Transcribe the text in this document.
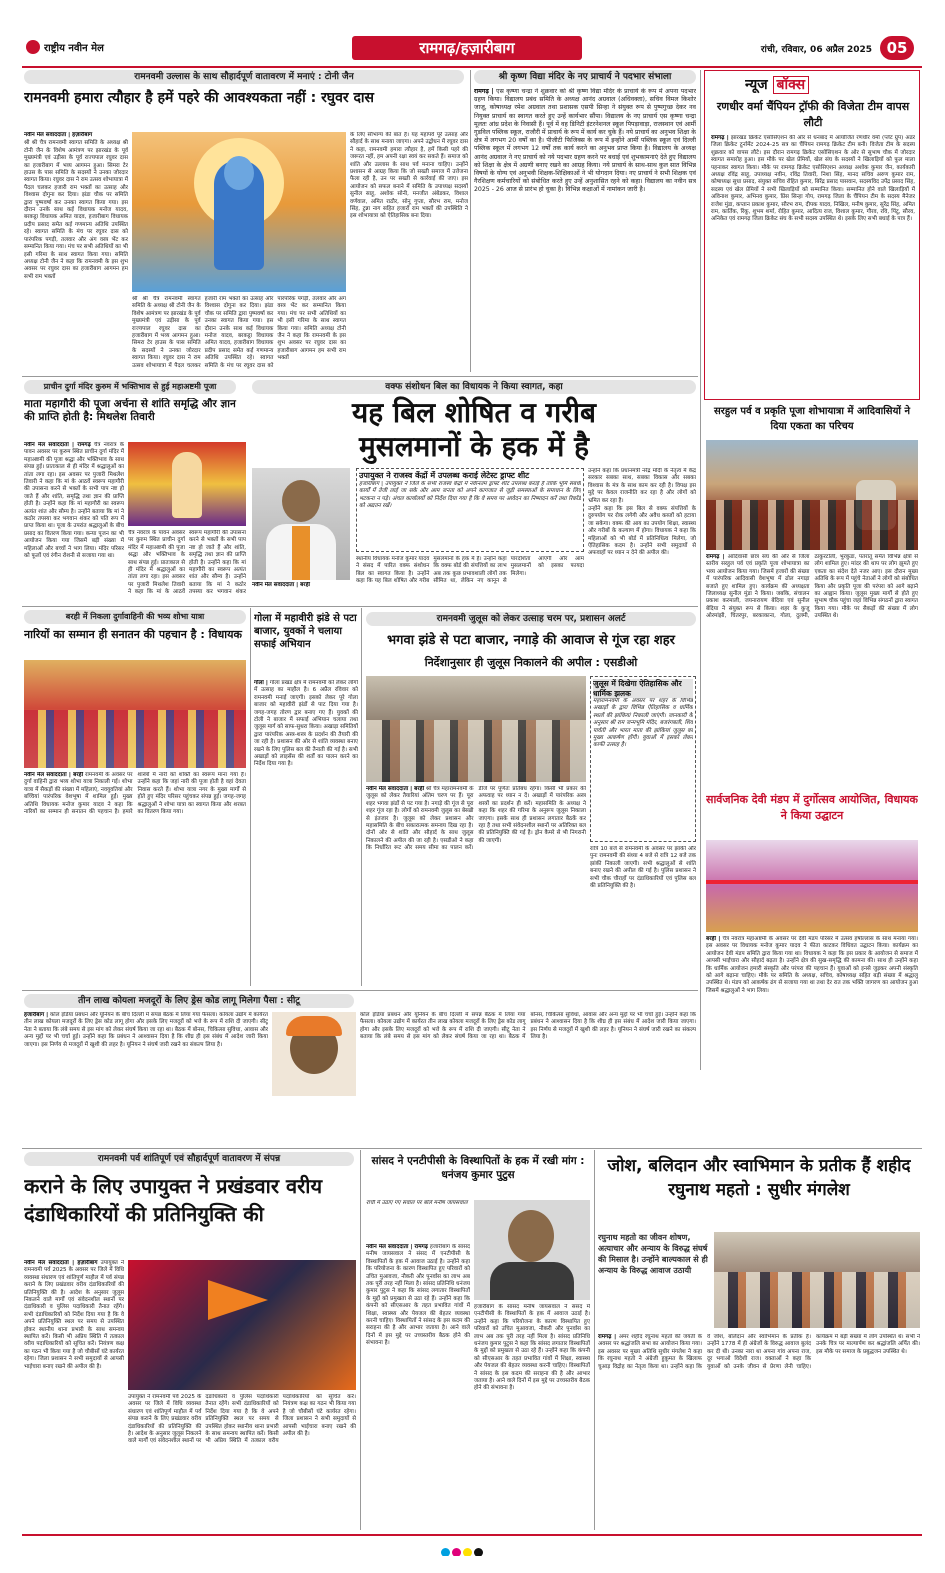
राष्ट्रीय नवीन मेल	रामगढ़/हज़ारीबाग	रांची, रविवार, 06 अप्रैल 2025 05
रामनवमी उल्लास के साथ सौहार्दपूर्ण वातावरण में मनाएं : टोनी जैन
रामनवमी हमारा त्यौहार है हमें पहरे की आवश्यकता नहीं : रघुवर दास

नवीन मेल संवाददाता | हज़ारीबाग

श्री श्री चैत्र रामनवमी स्वागत समिति के अध्यक्ष श्री टोनी जैन के विशेष आमंत्रण पर झारखंड के पूर्व मुख्यमंत्री एवं उड़ीसा के पूर्व राज्यपाल रघुवर दास का हजारीबाग में भव्य आगमन हुआ। सिमरा टेर हाउस के पास समिति के सदस्यों ने उनका जोरदार स्वागत किया। रघुवर दास ने राम उत्सव शोभायात्रा में पैदल चलकर हजारी राम भक्तों का उत्साह और विश्वास दोगुना कर दिया। झंडा चौक पर समिति द्वारा पुष्पवर्षा कर उनका स्वागत किया गया। इस दौरान उनके साथ कई विधायक मनोज यादव, बरकट्ठा विधायक अमित यादव, हजारीबाग विधायक प्रदीप प्रसाद समेत कई गणमान्य अतिथि उपस्थित रहे। स्वागत समिति के मंच पर रघुवर दास को पारंपरिक पगड़ी, तलवार और अंग वस्त्र भेंट कर सम्मानित किया गया। मंच पर सभी अतिथियों का भी इसी गरिमा के साथ स्वागत किया गया। समिति अध्यक्ष टोनी जैन ने कहा कि रामनवमी के इस शुभ अवसर पर रघुवर दास का हजारीबाग आगमन हम सभी राम भक्तों

श्री श्री चैत्र रामनवमी स्वागत समिति के अध्यक्ष श्री टोनी जैन के विशेष आमंत्रण पर झारखंड के पूर्व मुख्यमंत्री एवं उड़ीसा के पूर्व राज्यपाल रघुवर दास का हजारीबाग में भव्य आगमन हुआ। सिमरा टेर हाउस के पास समिति के सदस्यों ने उनका जोरदार स्वागत किया। रघुवर दास ने राम उत्सव शोभायात्रा में पैदल चलकर हजारी राम भक्तों का उत्साह और विश्वास दोगुना कर दिया। झंडा चौक पर समिति द्वारा पुष्पवर्षा कर उनका स्वागत किया गया। इस दौरान उनके साथ कई विधायक मनोज यादव, बरकट्ठा विधायक अमित यादव, हजारीबाग विधायक प्रदीप प्रसाद समेत कई गणमान्य अतिथि उपस्थित रहे। स्वागत समिति के मंच पर रघुवर दास को पारंपरिक पगड़ी, तलवार और अंग वस्त्र भेंट कर सम्मानित किया गया। मंच पर सभी अतिथियों का भी इसी गरिमा के साथ स्वागत किया गया। समिति अध्यक्ष टोनी जैन ने कहा कि रामनवमी के इस शुभ अवसर पर रघुवर दास का हजारीबाग आगमन हम सभी राम भक्तों
के लिए सौभाग्य की बात है। यह महापर्व पूरे उत्साह और सौहार्द के साथ मनाया जाएगा। अपने उद्बोधन में रघुवर दास ने कहा, रामनवमी हमारा त्यौहार है, हमें किसी पहरे की जरूरत नहीं, हम अपनी रक्षा स्वयं कर सकते हैं। समाज को शांति और उल्लास के साथ पर्व मनाना चाहिए। उन्होंने प्रशासन से आग्रह किया कि जो सख्ती समाज में उत्तेजना फैला रही है, उन पर सख्ती से कार्रवाई की जाए। इस आयोजन को सफल बनाने में समिति के उपाध्यक्ष सदस्यों सुनील साहू, अशोक सोनी, मनजीत अंबेडकर, विशाल वर्णवाल, अमित राठौर, सोनू गुप्ता, सौरभ राम, मनोज सिंह, टुन्ना नाग सहित हजारों राम भक्तों की उपस्थिति ने इस शोभायात्रा को ऐतिहासिक बना दिया।
श्री कृष्ण विद्या मंदिर के नए प्राचार्य ने पदभार संभाला
रामगढ़ | एस कृष्णा चन्द्रा ने शुक्रवार को श्री कृष्ण विद्या मंदिर के प्राचार्य के रूप में अपना पदभार ग्रहण किया। विद्यालय प्रबंध समिति के अध्यक्ष आनंद अग्रवाल (अधिवक्ता), सचिव विमल किशोर जाजू, कोषाध्यक्ष रमेश अग्रवाल तथा प्रशासक एसपी सिन्हा ने संयुक्त रूप से पुष्पगुच्छ देकर नव नियुक्त प्राचार्य का स्वागत करते हुए उन्हें कार्यभार सौंपा। विद्यालय के नए प्राचार्य एस कृष्णा चन्द्रा मूलतः आंध्र प्रदेश के निवासी हैं। पूर्व में वह डिनिटी इंटरनेशनल स्कूल पिपड़ावाड़ा, राजस्थान एवं आर्मी गुडविल पब्लिक स्कूल, राजौरी में प्राचार्य के रूप में कार्य कर चुके हैं। नये प्राचार्य का अनुभव शिक्षा के क्षेत्र में लगभग 20 वर्षों का है। पीजीटी फिजिक्स के रूप में इन्होंने आर्मी पब्लिक स्कूल एवं दिल्ली पब्लिक स्कूल में लगभग 12 वर्षों तक कार्य करने का अनुभव प्राप्त किया है। विद्यालय के अध्यक्ष आनंद अग्रवाल ने नए प्राचार्य को नये पदभार ग्रहण करने पर बधाई एवं शुभकामनाएं देते हुए विद्यालय को शिक्षा के क्षेत्र में अग्रणी बनाए रखने का आग्रह किया। नये प्राचार्य के साथ-साथ कुल सात विभिन्न विषयों के योग्य एवं अनुभवी शिक्षक-शिक्षिकाओं ने भी योगदान दिया। नए प्राचार्य ने सभी शिक्षक एवं गैरशिक्षण कर्मचारियों को संबोधित करते हुए उन्हें अनुशासित रहने को कहा। विद्यालय का नवीन सत्र 2025 - 26 आज से प्रारंभ हो चुका है। विभिन्न कक्षाओं में नामांकन जारी है।
न्यूज बॉक्स
रणधीर वर्मा चैंपियन ट्रॉफी की विजेता टीम वापस लौटी
रामगढ़ | झारखंड क्रिकेट एसोसिएशन की ओर से धनबाद में आयोजित रणधीर वर्मा (प्लेट ग्रुप) अंडर जिला क्रिकेट टूर्नामेंट 2024-25 सत्र का चैंपियन रामगढ़ क्रिकेट टीम बनी। विजेता टीम के सदस्य शुक्रवार को वापस लौटे। इस दौरान रामगढ़ क्रिकेट एसोसिएशन के ओर से सुभाष चौक में जोरदार स्वागत समारोह हुआ। इस मौके पर खेल प्रेमियों, खेल संघ के सदस्यों ने खिलाड़ियों को फूल माला पहनाकर स्वागत किया। मौके पर रामगढ़ क्रिकेट एसोसिएशन अध्यक्ष अशोक कुमार जैन, कार्यकारी अध्यक्ष रविंद्र साहू, उपाध्यक्ष नवीन, रविंद्र तिवारी, निशा सिंह, मानद सचिव अरुण कुमार राम, कोषाध्यक्ष सुधा प्रसाद, संयुक्त सचिव रोहित कुमार, बिरेंद्र प्रसाद पासवान, सदस्यविद उपेंद्र प्रसाद सिंह, सदस्य एवं खेल प्रेमियों ने सभी खिलाड़ियों को सम्मानित किया। सम्मानित होने वाले खिलाड़ियों में अविनाश कुमार, अभिनव कुमार, प्रिंस सिन्हा गोप, रामगढ़ जिला के चैंपियन टीम के सदस्य मैनेजर राजेश मुंडा, कप्तान प्रकाश कुमार, सौरभ राम, दीपक यादव, निखिल, मनीष कुमार, सुरेंद्र सिंह, अमित राम, कार्तिक, रिंकू, शुभम शर्मा, रोहित कुमार, आदित्य राज, विशाल कुमार, गौरव, रवि, पिंटू, सौरव, अनिकेत एवं रामगढ़ जिला क्रिकेट संघ के सभी सदस्य उपस्थित थे। इसके लिए सभी बधाई के पात्र हैं।
सरहुल पर्व व प्रकृति पूजा शोभायात्रा में आदिवासियों ने दिया एकता का परिचय
रामगढ़ | आदिवासी छात्र संघ की ओर से जिला स्तरीय सरहुल पर्व एवं प्रकृति पूजा शोभायात्रा का भव्य आयोजन किया गया। जिसमें हजारों की संख्या में पारंपरिक आदिवासी वेशभूषा में ढोल नगाड़ा बजाते हुए शामिल हुए। कार्यक्रम की अध्यक्षता जिलाध्यक्ष सुनील मुंडा ने किया। जबकि, संचालन प्रकाश करमाली, जयनारायण बेदिया एवं सुनील बेदिया ने संयुक्त रूप से किया। शहर के कुजू ओरमांझी, चितरपुर, बरकाकाना, गोला, दुलमी, ठाकुरटोली, भुरकुंडा, पतरातू समेत विभिन्न क्षेत्रों से लोग शामिल हुए। मांदर की थाप पर लोग झूमते हुए एकता का संदेश देते नजर आए। इस दौरान मुख्य अतिथि के रूप में पहुंचे नेताओं ने लोगों को संबोधित किया और प्रकृति पूजा की परंपरा को आगे बढ़ाने का आह्वान किया। जुलूस मुख्य मार्गों से होते हुए सुभाष चौक पहुंचा जहां विभिन्न संगठनों द्वारा स्वागत किया गया। मौके पर सैकड़ों की संख्या में लोग उपस्थित थे।
सार्वजनिक देवी मंडप में दुर्गोत्सव आयोजित, विधायक ने किया उद्घाटन
बरही | चैत्र नवरात्र महाअष्टमी के अवसर पर देवी मंडप परिसर में उत्सव हर्षोल्लास के साथ मनाया गया। इस अवसर पर विधायक मनोज कुमार यादव ने फीता काटकर विधिवत उद्घाटन किया। कार्यक्रम का आयोजन देवी मंडप समिति द्वारा किया गया था। विधायक ने कहा कि इस प्रकार के आयोजन से समाज में आपसी भाईचारा और सौहार्द बढ़ता है। उन्होंने क्षेत्र की सुख-समृद्धि की कामना की। साथ ही उन्होंने कहा कि धार्मिक आयोजन हमारी संस्कृति और परंपरा की पहचान हैं। युवाओं को इनसे जुड़कर अपनी संस्कृति को आगे बढ़ाना चाहिए। मौके पर समिति के अध्यक्ष, सचिव, कोषाध्यक्ष सहित बड़ी संख्या में श्रद्धालु उपस्थित थे। मंडप को आकर्षक ढंग से सजाया गया था तथा देर रात तक भक्ति जागरण का आयोजन हुआ जिसमें श्रद्धालुओं ने भाग लिया।
प्राचीन दुर्गा मंदिर कुरुम में भक्तिभाव से हुई महाअष्टमी पूजा
माता महागौरी की पूजा अर्चना से शांति समृद्धि और ज्ञान की प्राप्ति होती है: मिथलेश तिवारी
नवीन मेल संवाददाता | रामगढ़ चैत्र नवरात्र के पावन अवसर पर कुरुम स्थित प्राचीन दुर्गा मंदिर में महाअष्टमी की पूजा श्रद्धा और भक्तिभाव के साथ संपन्न हुई। प्रातःकाल से ही मंदिर में श्रद्धालुओं का तांता लगा रहा। इस अवसर पर पुजारी मिथलेश तिवारी ने कहा कि मां के आठवें स्वरूप महागौरी की उपासना करने से भक्तों के सभी पाप नष्ट हो जाते हैं और शांति, समृद्धि तथा ज्ञान की प्राप्ति होती है। उन्होंने कहा कि मां महागौरी का स्वरूप अत्यंत शांत और सौम्य है। उन्होंने बताया कि मां ने कठोर तपस्या कर भगवान शंकर को पति रूप में प्राप्त किया था। पूजा के उपरांत श्रद्धालुओं के बीच प्रसाद का वितरण किया गया। कन्या पूजन का भी आयोजन किया गया जिसमें बड़ी संख्या में महिलाओं और बच्चों ने भाग लिया। मंदिर परिसर को फूलों एवं रंगीन रोशनी से सजाया गया था।
चैत्र नवरात्र के पावन अवसर पर कुरुम स्थित प्राचीन दुर्गा मंदिर में महाअष्टमी की पूजा श्रद्धा और भक्तिभाव के साथ संपन्न हुई। प्रातःकाल से ही मंदिर में श्रद्धालुओं का तांता लगा रहा। इस अवसर पर पुजारी मिथलेश तिवारी ने कहा कि मां के आठवें स्वरूप महागौरी की उपासना करने से भक्तों के सभी पाप नष्ट हो जाते हैं और शांति, समृद्धि तथा ज्ञान की प्राप्ति होती है। उन्होंने कहा कि मां महागौरी का स्वरूप अत्यंत शांत और सौम्य है। उन्होंने बताया कि मां ने कठोर तपस्या कर भगवान शंकर
वक्फ संशोधन बिल का विधायक ने किया स्वागत, कहा
यह बिल शोषित व गरीब
मुसलमानों के हक में है
नवीन मेल संवाददाता | बरही
उपायुक्त ने राजस्व केंद्रों में उपलब्ध कराई लेटेस्ट ड्राफ्ट शीट
हजारीबाग | उपायुक्त ने जिले के सभी राजस्व केंद्रों में नवीनतम ड्राफ्ट शीट उपलब्ध कराई है ताकि भूमि संबंधी कार्यों में तेजी लाई जा सके और आम जनता को अपने कागजात से जुड़ी समस्याओं के समाधान के लिए भटकना न पड़े। अंचल कार्यालयों को निर्देश दिया गया है कि वे समय पर आवेदन का निष्पादन करें तथा रिकॉर्ड को अद्यतन रखें।
स्थानीय विधायक मनोज कुमार यादव ने संसद में पारित वक्फ संशोधन बिल का स्वागत किया है। उन्होंने कहा कि यह बिल शोषित और गरीब मुसलमानों के हक में है। उन्होंने कहा कि वक्फ बोर्ड की संपत्तियों का लाभ अब तक कुछ प्रभावशाली लोगों तक सीमित था, लेकिन नए कानून से पारदर्शिता आएगी और आम मुसलमानों को इसका फायदा मिलेगा।

उन्होंने कहा कि प्रधानमंत्री नरेंद्र मोदी के नेतृत्व में केंद्र सरकार सबका साथ, सबका विकास और सबका विश्वास के मंत्र के साथ काम कर रही है। विपक्ष इस मुद्दे पर केवल राजनीति कर रहा है और लोगों को भ्रमित कर रहा है।

उन्होंने कहा कि इस बिल से वक्फ संपत्तियों के दुरुपयोग पर रोक लगेगी और अवैध कब्जों को हटाया जा सकेगा। वक्फ की आय का उपयोग शिक्षा, स्वास्थ्य और गरीबों के कल्याण में होगा। विधायक ने कहा कि महिलाओं को भी बोर्ड में प्रतिनिधित्व मिलेगा, जो ऐतिहासिक कदम है। उन्होंने सभी समुदायों से अफवाहों पर ध्यान न देने की अपील की।

बरही में निकला दुर्गावाहिनी की भव्य शोभा यात्रा
नारियों का सम्मान ही सनातन की पहचान है : विधायक
नवीन मेल संवाददाता | बरही रामनवमी के अवसर पर दुर्गा वाहिनी द्वारा भव्य शोभा यात्रा निकाली गई। शोभा यात्रा में सैकड़ों की संख्या में महिलाएं, नवयुवतियां और बच्चियां पारंपरिक वेशभूषा में शामिल हुईं। मुख्य अतिथि विधायक मनोज कुमार यादव ने कहा कि नारियों का सम्मान ही सनातन की पहचान है। हमारे शास्त्रों में नारी को शक्ति का स्वरूप माना गया है। उन्होंने कहा कि जहां नारी की पूजा होती है वहां देवता निवास करते हैं। शोभा यात्रा नगर के मुख्य मार्गों से होते हुए मंदिर परिसर पहुंचकर संपन्न हुई। जगह-जगह श्रद्धालुओं ने शोभा यात्रा का स्वागत किया और शरबत का वितरण किया गया।
गोला में महावीरी झंडे से पटा बाजार, युवकों ने चलाया सफाई अभियान
गोला | गोला प्रखंड क्षेत्र में रामनवमी को लेकर लोगों में उत्साह का माहौल है। 6 अप्रैल रविवार को रामनवमी मनाई जाएगी। इसको लेकर पूरे गोला बाजार को महावीरी झंडों से पाट दिया गया है। जगह-जगह तोरण द्वार बनाए गए हैं। युवकों की टोली ने बाजार में सफाई अभियान चलाया तथा जुलूस मार्ग को साफ-सुथरा किया। अखाड़ा समितियों द्वारा पारंपरिक अस्त्र-शस्त्र के प्रदर्शन की तैयारी की जा रही है। प्रशासन की ओर से शांति व्यवस्था बनाए रखने के लिए पुलिस बल की तैनाती की गई है। सभी अखाड़ों को लाइसेंस की शर्तों का पालन करने का निर्देश दिया गया है।
रामनवमी जुलूस को लेकर उत्साह चरम पर, प्रशासन अलर्ट
भगवा झंडे से पटा बाजार, नगाड़े की आवाज से गूंज रहा शहर
निर्देशानुसार ही जुलूस निकालने की अपील : एसडीओ
नवीन मेल संवाददाता | बरही श्री चैत्र महारामनवमी के जुलूस को लेकर तैयारियां अंतिम चरण पर हैं। पूरा शहर भगवा झंडों से पट गया है। नगाड़े की गूंज से पूरा शहर गूंज रहा है। लोगों को रामनवमी जुलूस का बेसब्री से इंतजार है। जुलूस को लेकर प्रशासन और महासमिति के बीच सकारात्मक समन्वय दिख रहा है। दोनों ओर से शांति और सौहार्द के साथ जुलूस निकालने की अपील की जा रही है। एसडीओ ने कहा कि निर्धारित रूट और समय सीमा का पालन करें। डीजे पर पूर्णतः प्रतिबंध रहेगा। किसी भी प्रकार की अफवाह पर ध्यान न दें। अखाड़ों में पारंपरिक अस्त्र शस्त्रों का प्रदर्शन ही करें। महासमिति के अध्यक्ष ने कहा कि शहर की गरिमा के अनुरूप जुलूस निकाला जाएगा। इसके साथ ही प्रशासन लगातार बैठकें कर रहा है तथा सभी संवेदनशील स्थानों पर अतिरिक्त बल की प्रतिनियुक्ति की गई है। ड्रोन कैमरे से भी निगरानी की जाएगी।
जुलूस में दिखेगा ऐतिहासिक और धार्मिक झलक
महारामनवमी के अवसर पर शहर के विभिन्न अखाड़ों के द्वारा विभिन्न ऐतिहासिक व धार्मिक स्थलों की झांकियां निकाली जाएंगी। जानकारी के अनुसार श्री राम जन्मभूमि मंदिर, बजरंगबली, शिव पार्वती और भारत माता की झांकियां जुलूस का मुख्य आकर्षण होंगी। युवाओं में इसको लेकर काफी उत्साह है।
रात्रि 10 बजे से रामनवमी के अवसर पर झांकी और पुनः रामनवमी की संध्या 4 बजे से रात्रि 12 बजे तक झांकी निकाली जाएगी। सभी श्रद्धालुओं से शांति बनाए रखने की अपील की गई है। पुलिस प्रशासन ने सभी चौक चौराहों पर दंडाधिकारियों एवं पुलिस बल की प्रतिनियुक्ति की है।
तीन लाख कोयला मजदूरों के लिए ड्रेस कोड लागू मिलेगा पैसा : सीटू
हजारीबाग | कोल इंडिया प्रबंधन और यूनियन के बीच दिल्ली में संपन्न बैठक में लिया गया फैसला। कोयला उद्योग में कार्यरत तीन लाख कोयला मजदूरों के लिए ड्रेस कोड लागू होगा और इसके लिए मजदूरों को भत्ते के रूप में राशि दी जाएगी। सीटू नेता ने बताया कि लंबे समय से इस मांग को लेकर संघर्ष किया जा रहा था। बैठक में बोनस, चिकित्सा सुविधा, आवास और अन्य मुद्दों पर भी चर्चा हुई। उन्होंने कहा कि प्रबंधन ने आश्वासन दिया है कि शीघ्र ही इस संबंध में आदेश जारी किया जाएगा। इस निर्णय से मजदूरों में खुशी की लहर है। यूनियन ने संघर्ष जारी रखने का संकल्प लिया है।
कोल इंडिया प्रबंधन और यूनियन के बीच दिल्ली में संपन्न बैठक में लिया गया फैसला। कोयला उद्योग में कार्यरत तीन लाख कोयला मजदूरों के लिए ड्रेस कोड लागू होगा और इसके लिए मजदूरों को भत्ते के रूप में राशि दी जाएगी। सीटू नेता ने बताया कि लंबे समय से इस मांग को लेकर संघर्ष किया जा रहा था। बैठक में बोनस, चिकित्सा सुविधा, आवास और अन्य मुद्दों पर भी चर्चा हुई। उन्होंने कहा कि प्रबंधन ने आश्वासन दिया है कि शीघ्र ही इस संबंध में आदेश जारी किया जाएगा। इस निर्णय से मजदूरों में खुशी की लहर है। यूनियन ने संघर्ष जारी रखने का संकल्प लिया है।
रामनवमी पर्व शांतिपूर्ण एवं सौहार्दपूर्ण वातावरण में संपन्न
कराने के लिए उपायुक्त ने प्रखंडवार वरीय दंडाधिकारियों की प्रतिनियुक्ति की
नवीन मेल संवाददाता | हज़ारीबाग उपायुक्त ने रामनवमी पर्व 2025 के अवसर पर जिले में विधि व्यवस्था संधारण एवं शांतिपूर्ण माहौल में पर्व संपन्न कराने के लिए प्रखंडवार वरीय दंडाधिकारियों की प्रतिनियुक्ति की है। आदेश के अनुसार जुलूस निकलने वाले मार्गों एवं संवेदनशील स्थानों पर दंडाधिकारी व पुलिस पदाधिकारी तैनात रहेंगे। सभी दंडाधिकारियों को निर्देश दिया गया है कि वे अपने प्रतिनियुक्ति स्थल पर समय से उपस्थित होकर स्थानीय थाना प्रभारी के साथ समन्वय स्थापित करें। किसी भी अप्रिय स्थिति में तत्काल वरीय पदाधिकारियों को सूचित करें। नियंत्रण कक्ष का गठन भी किया गया है जो चौबीसों घंटे कार्यरत रहेगा। जिला प्रशासन ने सभी समुदायों से आपसी भाईचारा बनाए रखने की अपील की है।
उपायुक्त ने रामनवमी पर्व 2025 के अवसर पर जिले में विधि व्यवस्था संधारण एवं शांतिपूर्ण माहौल में पर्व संपन्न कराने के लिए प्रखंडवार वरीय दंडाधिकारियों की प्रतिनियुक्ति की है। आदेश के अनुसार जुलूस निकलने वाले मार्गों एवं संवेदनशील स्थानों पर दंडाधिकारी व पुलिस पदाधिकारी तैनात रहेंगे। सभी दंडाधिकारियों को निर्देश दिया गया है कि वे अपने प्रतिनियुक्ति स्थल पर समय से उपस्थित होकर स्थानीय थाना प्रभारी के साथ समन्वय स्थापित करें। किसी भी अप्रिय स्थिति में तत्काल वरीय पदाधिकारियों को सूचित करें। नियंत्रण कक्ष का गठन भी किया गया है जो चौबीसों घंटे कार्यरत रहेगा। जिला प्रशासन ने सभी समुदायों से आपसी भाईचारा बनाए रखने की अपील की है।
सांसद ने एनटीपीसी के विस्थापितों के हक में रखी मांग : धनंजय कुमार पुटुस
रांची में उठाए गए सवाल पर बोले मनीष जायसवाल
नवीन मेल संवाददाता | रामगढ़ हजारीबाग के सांसद मनीष जायसवाल ने संसद में एनटीपीसी के विस्थापितों के हक में आवाज उठाई है। उन्होंने कहा कि परियोजना के कारण विस्थापित हुए परिवारों को उचित मुआवजा, नौकरी और पुनर्वास का लाभ अब तक पूरी तरह नहीं मिला है। सांसद प्रतिनिधि धनंजय कुमार पुटुस ने कहा कि सांसद लगातार विस्थापितों के मुद्दों को प्रमुखता से उठा रहे हैं। उन्होंने कहा कि कंपनी को सीएसआर के तहत प्रभावित गांवों में शिक्षा, स्वास्थ्य और पेयजल की बेहतर व्यवस्था करनी चाहिए। विस्थापितों ने सांसद के इस कदम की सराहना की है और आभार जताया है। आने वाले दिनों में इस मुद्दे पर उच्चस्तरीय बैठक होने की संभावना है।
हजारीबाग के सांसद मनीष जायसवाल ने संसद में एनटीपीसी के विस्थापितों के हक में आवाज उठाई है। उन्होंने कहा कि परियोजना के कारण विस्थापित हुए परिवारों को उचित मुआवजा, नौकरी और पुनर्वास का लाभ अब तक पूरी तरह नहीं मिला है। सांसद प्रतिनिधि धनंजय कुमार पुटुस ने कहा कि सांसद लगातार विस्थापितों के मुद्दों को प्रमुखता से उठा रहे हैं। उन्होंने कहा कि कंपनी को सीएसआर के तहत प्रभावित गांवों में शिक्षा, स्वास्थ्य और पेयजल की बेहतर व्यवस्था करनी चाहिए। विस्थापितों ने सांसद के इस कदम की सराहना की है और आभार जताया है। आने वाले दिनों में इस मुद्दे पर उच्चस्तरीय बैठक होने की संभावना है।
जोश, बलिदान और स्वाभिमान के प्रतीक हैं शहीद रघुनाथ महतो : सुधीर मंगलेश
रघुनाथ महतो का जीवन शोषण, अत्याचार और अन्याय के विरुद्ध संघर्ष की मिसाल है। उन्होंने बाल्यकाल से ही अन्याय के विरुद्ध आवाज उठायी
रामगढ़ | अमर शहीद रघुनाथ महतो की जयंती के अवसर पर श्रद्धांजलि सभा का आयोजन किया गया। इस अवसर पर मुख्य अतिथि सुधीर मंगलेश ने कहा कि रघुनाथ महतो ने अंग्रेजी हुकूमत के खिलाफ चुआड़ विद्रोह का नेतृत्व किया था। उन्होंने कहा कि वे जोश, बलिदान और स्वाभिमान के प्रतीक हैं। उन्होंने 1778 में ही अंग्रेजों के विरुद्ध आवाज बुलंद कर दी थी। उनका नारा था अपना गांव अपना राज, दूर भगाओ विदेशी राज। वक्ताओं ने कहा कि युवाओं को उनके जीवन से प्रेरणा लेनी चाहिए। कार्यक्रम में बड़ी संख्या में लोग उपस्थित थे। सभी ने उनके चित्र पर माल्यार्पण कर श्रद्धांजलि अर्पित की। इस मौके पर समाज के प्रबुद्धजन उपस्थित थे।
